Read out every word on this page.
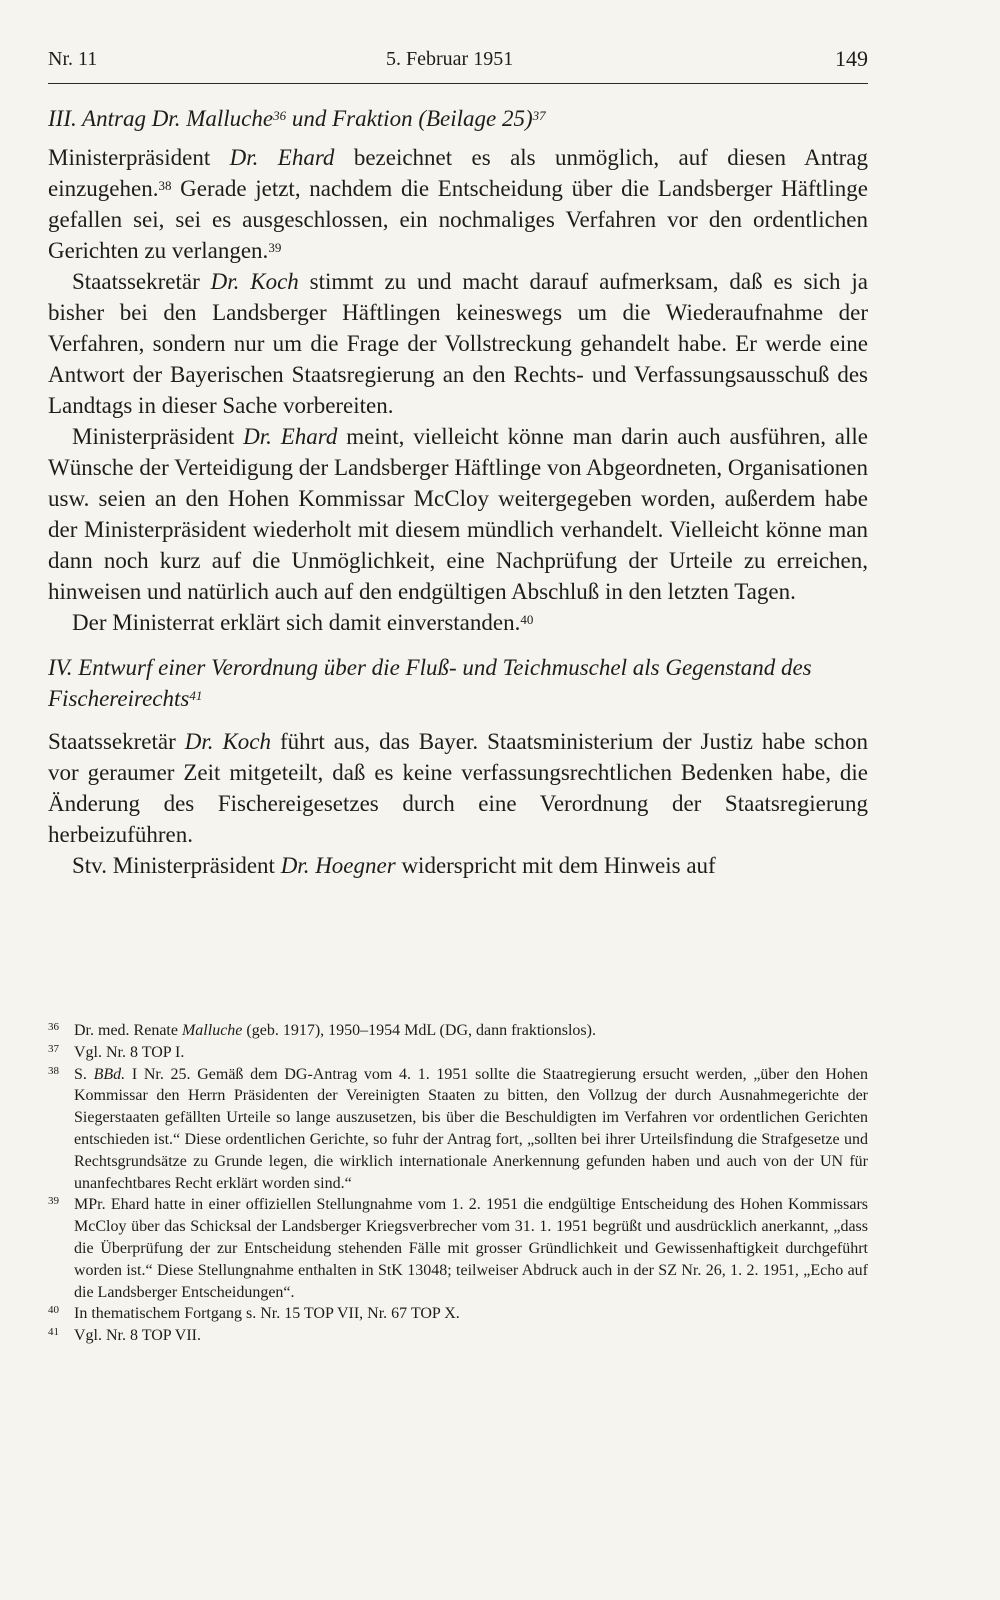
Nr. 11	5. Februar 1951	149

III. Antrag Dr. Malluche$^{36}$ und Fraktion (Beilage 25)$^{37}$

Ministerpräsident Dr. Ehard bezeichnet es als unmöglich, auf diesen Antrag einzugehen.$^{38}$ Gerade jetzt, nachdem die Entscheidung über die Landsberger Häftlinge gefallen sei, sei es ausgeschlossen, ein nochmaliges Verfahren vor den ordentlichen Gerichten zu verlangen.$^{39}$

Staatssekretär Dr. Koch stimmt zu und macht darauf aufmerksam, daß es sich ja bisher bei den Landsberger Häftlingen keineswegs um die Wiederaufnahme der Verfahren, sondern nur um die Frage der Vollstreckung gehandelt habe. Er werde eine Antwort der Bayerischen Staatsregierung an den Rechts- und Verfassungsausschuß des Landtags in dieser Sache vorbereiten.

Ministerpräsident Dr. Ehard meint, vielleicht könne man darin auch ausführen, alle Wünsche der Verteidigung der Landsberger Häftlinge von Abgeordneten, Organisationen usw. seien an den Hohen Kommissar McCloy weitergegeben worden, außerdem habe der Ministerpräsident wiederholt mit diesem mündlich verhandelt. Vielleicht könne man dann noch kurz auf die Unmöglichkeit, eine Nachprüfung der Urteile zu erreichen, hinweisen und natürlich auch auf den endgültigen Abschluß in den letzten Tagen.

Der Ministerrat erklärt sich damit einverstanden.$^{40}$

IV. Entwurf einer Verordnung über die Fluß- und Teichmuschel als Gegenstand des Fischereirechts$^{41}$

Staatssekretär Dr. Koch führt aus, das Bayer. Staatsministerium der Justiz habe schon vor geraumer Zeit mitgeteilt, daß es keine verfassungsrechtlichen Bedenken habe, die Änderung des Fischereigesetzes durch eine Verordnung der Staatsregierung herbeizuführen.

Stv. Ministerpräsident Dr. Hoegner widerspricht mit dem Hinweis auf

36 Dr. med. Renate Malluche (geb. 1917), 1950–1954 MdL (DG, dann fraktionslos).
37 Vgl. Nr. 8 TOP I.
38 S. BBd. I Nr. 25. Gemäß dem DG-Antrag vom 4. 1. 1951 sollte die Staatregierung ersucht werden, „über den Hohen Kommissar den Herrn Präsidenten der Vereinigten Staaten zu bitten, den Vollzug der durch Ausnahmegerichte der Siegerstaaten gefällten Urteile so lange auszusetzen, bis über die Beschuldigten im Verfahren vor ordentlichen Gerichten entschieden ist.“ Diese ordentlichen Gerichte, so fuhr der Antrag fort, „sollten bei ihrer Urteilsfindung die Strafgesetze und Rechtsgrundsätze zu Grunde legen, die wirklich internationale Anerkennung gefunden haben und auch von der UN für unanfechtbares Recht erklärt worden sind.“
39 MPr. Ehard hatte in einer offiziellen Stellungnahme vom 1. 2. 1951 die endgültige Entscheidung des Hohen Kommissars McCloy über das Schicksal der Landsberger Kriegsverbrecher vom 31. 1. 1951 begrüßt und ausdrücklich anerkannt, „dass die Überprüfung der zur Entscheidung stehenden Fälle mit grosser Gründlichkeit und Gewissenhaftigkeit durchgeführt worden ist.“ Diese Stellungnahme enthalten in StK 13048; teilweiser Abdruck auch in der SZ Nr. 26, 1. 2. 1951, „Echo auf die Landsberger Entscheidungen“.
40 In thematischem Fortgang s. Nr. 15 TOP VII, Nr. 67 TOP X.
41 Vgl. Nr. 8 TOP VII.
